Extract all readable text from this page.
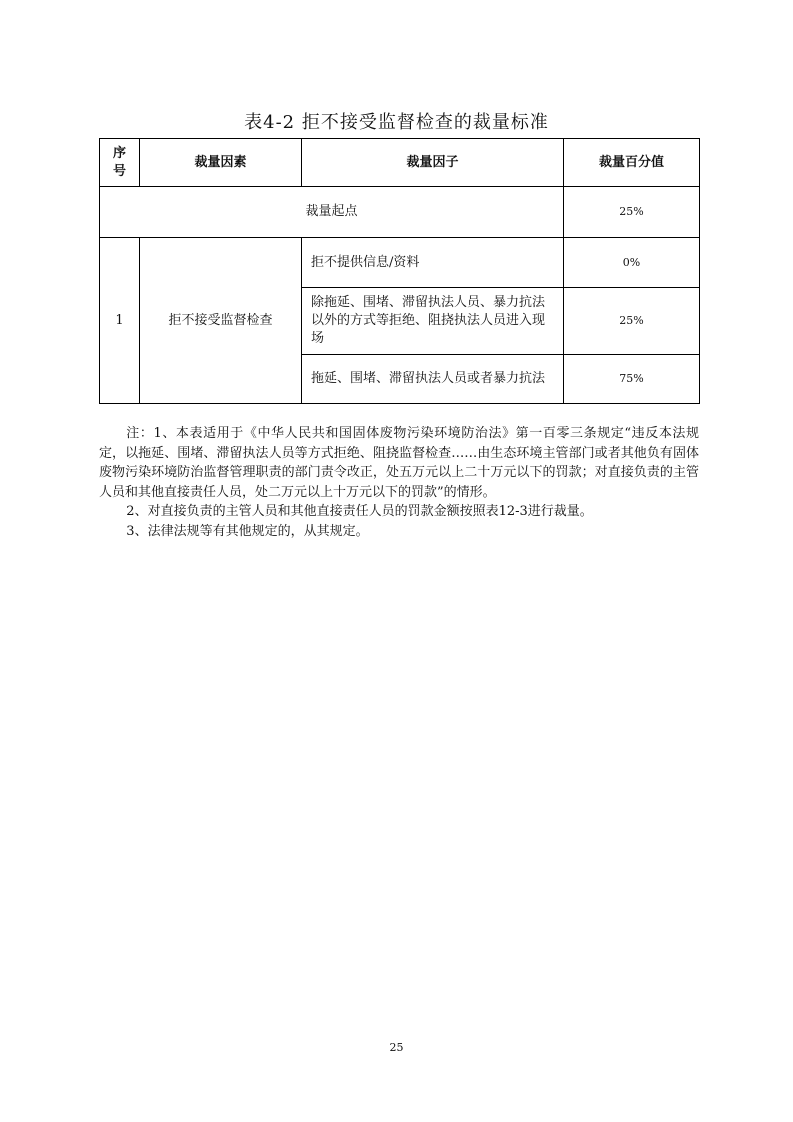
表4-2 拒不接受监督检查的裁量标准
序号	裁量因素	裁量因子	裁量百分值
裁量起点			25%
1	拒不接受监督检查	拒不提供信息/资料	0%
		除拖延、围堵、滞留执法人员、暴力抗法以外的方式等拒绝、阻挠执法人员进入现场	25%
		拖延、围堵、滞留执法人员或者暴力抗法	75%

注：1、本表适用于《中华人民共和国固体废物污染环境防治法》第一百零三条规定“违反本法规定，以拖延、围堵、滞留执法人员等方式拒绝、阻挠监督检查……由生态环境主管部门或者其他负有固体废物污染环境防治监督管理职责的部门责令改正，处五万元以上二十万元以下的罚款；对直接负责的主管人员和其他直接责任人员，处二万元以上十万元以下的罚款”的情形。

2、对直接负责的主管人员和其他直接责任人员的罚款金额按照表12-3进行裁量。

3、法律法规等有其他规定的，从其规定。

25
